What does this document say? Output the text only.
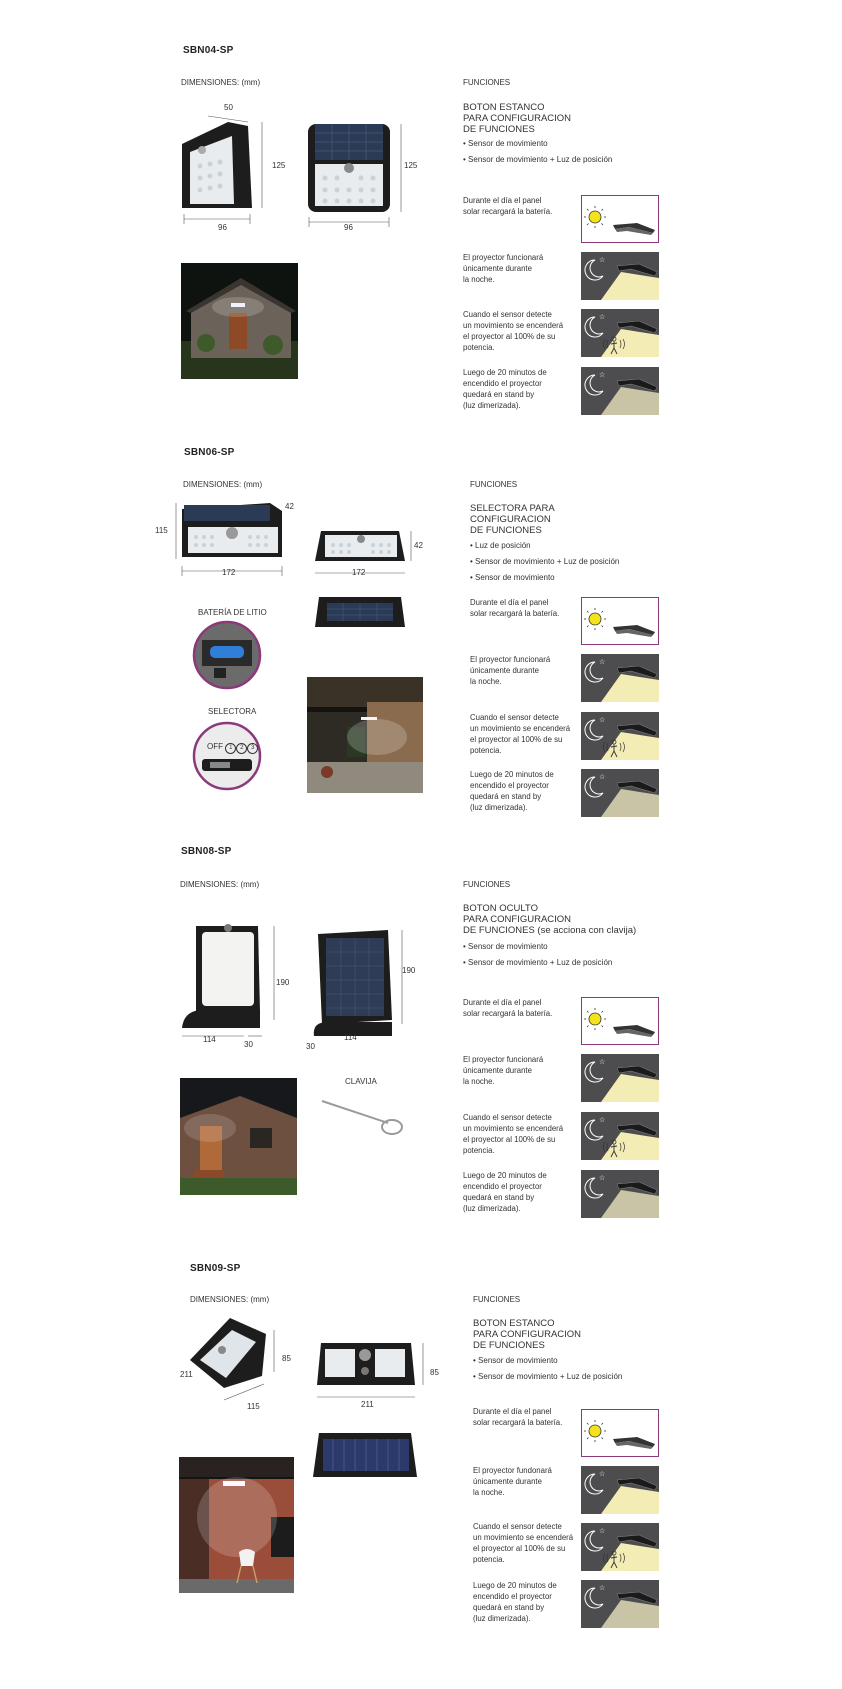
SBN04-SP
DIMENSIONES: (mm)	FUNCIONES
BOTON ESTANCO
PARA CONFIGURACION
DE FUNCIONES
• Sensor de movimiento
• Sensor de movimiento + Luz de posición
50
125
96
125
96
Durante el día el panel
solar recargará la batería.
El proyector funcionará
únicamente durante
la noche.
Cuando el sensor detecte
un movimiento se encenderá
el proyector al 100% de su
potencia.
Luego de 20 minutos de
encendido el proyector
quedará en stand by
(luz dimerizada).
SBN06-SP
DIMENSIONES: (mm)	FUNCIONES
SELECTORA PARA
CONFIGURACION
DE FUNCIONES
• Luz de posición
• Sensor de movimiento + Luz de posición
• Sensor de movimiento
42
115
172
42
172
BATERÍA DE LITIO
SELECTORA
OFF 1 2 3
Durante el día el panel
solar recargará la batería.
El proyector funcionará
únicamente durante
la noche.
Cuando el sensor detecte
un movimiento se encenderá
el proyector al 100% de su
potencia.
Luego de 20 minutos de
encendido el proyector
quedará en stand by
(luz dimerizada).
SBN08-SP
DIMENSIONES: (mm)	FUNCIONES
BOTON OCULTO
PARA CONFIGURACION
DE FUNCIONES (se acciona con clavija)
• Sensor de movimiento
• Sensor de movimiento + Luz de posición
190
114
30
190
30
114
CLAVIJA
Durante el día el panel
solar recargará la batería.
El proyector funcionará
únicamente durante
la noche.
Cuando el sensor detecte
un movimiento se encenderá
el proyector al 100% de su
potencia.
Luego de 20 minutos de
encendido el proyector
quedará en stand by
(luz dimerizada).
SBN09-SP
DIMENSIONES: (mm)	FUNCIONES
BOTON ESTANCO
PARA CONFIGURACION
DE FUNCIONES
• Sensor de movimiento
• Sensor de movimiento + Luz de posición
85
211
115
85
211
Durante el día el panel
solar recargará la batería.
El proyector fundonará
únicamente durante
la noche.
Cuando el sensor detecte
un movimiento se encenderá
el proyector al 100% de su
potencia.
Luego de 20 minutos de
encendido el proyector
quedará en stand by
(luz dimerizada).
